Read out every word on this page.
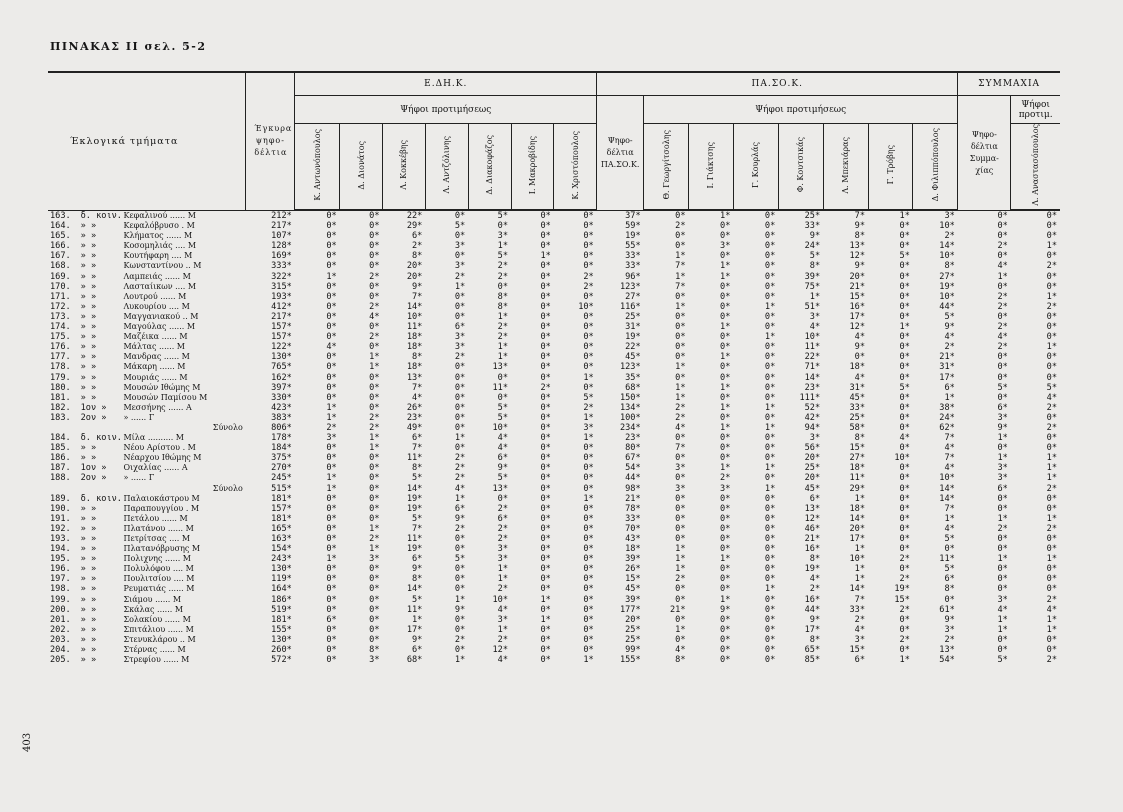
ΠΙΝΑΚΑΣ ΙΙ σελ. 5-2
403
Έκλογικά τμήματα			Έγκυρα ψηφο-δέλτια	Ε.ΔΗ.Κ.							ΠΑ.ΣΟ.Κ.								ΣΥΜΜΑΧΙΑ	
				Ψήφοι προτιμήσεως							Ψηφο-δέλτια ΠΑ.ΣΟ.Κ.	Ψήφοι προτιμήσεως							Ψηφο-δέλτια Συμμα-χίας	Ψήφοι προτιμ.
				Κ. Αντωνόπουλος	Δ. Διονάτος	Λ. Κοκκέβης	Λ. Αντζόλινης	Δ. Διακοφάζος	Ι. Μακροβίδης	Κ. Χριστόπουλος		Θ. Γεωργίτσολης	Ι. Γιάκτσης	Γ. Κουρλάς	Φ. Κουτσικάς	Λ. Μπεκιάρας	Γ. Τρόβης	Δ. Φιλιππόπουλος		Λ. Αναστασόπουλος
163.	δ. κοιν.	Κεφαλινού ...... Μ	212*	0*	0*	22*	0*	5*	0*	0*	37*	0*	1*	0*	25*	7*	1*	3*	0*	0*
164.	» »	Κεφαλόβρυσο . Μ	217*	0*	0*	29*	5*	0*	0*	0*	59*	2*	0*	0*	33*	9*	0*	10*	0*	0*
165.	» »	Κλήματος ...... Μ	107*	0*	0*	6*	0*	3*	0*	0*	19*	0*	0*	0*	9*	8*	0*	2*	0*	0*
166.	» »	Κοσομηλιάς .... Μ	128*	0*	0*	2*	3*	1*	0*	0*	55*	0*	3*	0*	24*	13*	0*	14*	2*	1*
167.	» »	Κουτήφαρη .... Μ	169*	0*	0*	8*	0*	5*	1*	0*	33*	1*	0*	0*	5*	12*	5*	10*	0*	0*
168.	» »	Κωνσταντίνου .. Μ	333*	0*	0*	20*	3*	2*	0*	0*	33*	7*	1*	0*	8*	9*	0*	8*	4*	2*
169.	» »	Λαμπειάς ...... Μ	322*	1*	2*	20*	2*	2*	0*	2*	96*	1*	1*	0*	39*	20*	0*	27*	1*	0*
170.	» »	Λασταίικων .... Μ	315*	0*	0*	9*	1*	0*	0*	2*	123*	7*	0*	0*	75*	21*	0*	19*	0*	0*
171.	» »	Λουτρού ...... Μ	193*	0*	0*	7*	0*	8*	0*	0*	27*	0*	0*	0*	1*	15*	0*	10*	2*	1*
172.	» »	Λυκουρίου .... Μ	412*	0*	2*	14*	0*	8*	0*	10*	116*	1*	0*	1*	51*	16*	0*	44*	2*	2*
173.	» »	Μαγγανιακού .. Μ	217*	0*	4*	10*	0*	1*	0*	0*	25*	0*	0*	0*	3*	17*	0*	5*	0*	0*
174.	» »	Μαγούλας ...... Μ	157*	0*	0*	11*	6*	2*	0*	0*	31*	0*	1*	0*	4*	12*	1*	9*	2*	0*
175.	» »	Μαζέικα ...... Μ	157*	0*	2*	18*	3*	2*	0*	0*	19*	0*	0*	1*	10*	4*	0*	4*	4*	0*
176.	» »	Μάλτας ...... Μ	122*	4*	0*	18*	3*	1*	0*	0*	22*	0*	0*	0*	11*	9*	0*	2*	2*	1*
177.	» »	Μανδρας ...... Μ	130*	0*	1*	8*	2*	1*	0*	0*	45*	0*	1*	0*	22*	0*	0*	21*	0*	0*
178.	» »	Μάκαρη ...... Μ	765*	0*	1*	18*	0*	13*	0*	0*	123*	1*	0*	0*	71*	18*	0*	31*	0*	0*
179.	» »	Μουριάς ...... Μ	162*	0*	0*	13*	0*	0*	0*	1*	35*	0*	0*	0*	14*	4*	0*	17*	0*	0*
180.	» »	Μουσών Ιθώμης Μ	397*	0*	0*	7*	0*	11*	2*	0*	68*	1*	1*	0*	23*	31*	5*	6*	5*	5*
181.	» »	Μουσών Παμίσου Μ	330*	0*	0*	4*	0*	0*	0*	5*	150*	1*	0*	0*	111*	45*	0*	1*	0*	4*
182.	1ον »	Μεσσήνης ...... Α	423*	1*	0*	26*	0*	5*	0*	2*	134*	2*	1*	1*	52*	33*	0*	38*	6*	2*
183.	2ον »	» ...... Γ	383*	1*	2*	23*	0*	5*	0*	1*	100*	2*	0*	0*	42*	25*	0*	24*	3*	0*
		Σύνολο	806*	2*	2*	49*	0*	10*	0*	3*	234*	4*	1*	1*	94*	58*	0*	62*	9*	2*
184.	δ. κοιν.	Μίλα .......... Μ	178*	3*	1*	6*	1*	4*	0*	1*	23*	0*	0*	0*	3*	8*	4*	7*	1*	0*
185.	» »	Νέου Αρίστου . Μ	184*	0*	1*	7*	0*	4*	0*	0*	80*	7*	0*	0*	56*	15*	0*	4*	0*	0*
186.	» »	Νέαρχου Ιθώμης Μ	375*	0*	0*	11*	2*	6*	0*	0*	67*	0*	0*	0*	20*	27*	10*	7*	1*	1*
187.	1ον »	Οιχαλίας ...... Α	270*	0*	0*	8*	2*	9*	0*	0*	54*	3*	1*	1*	25*	18*	0*	4*	3*	1*
188.	2ον »	» ...... Γ	245*	1*	0*	5*	2*	5*	0*	0*	44*	0*	2*	0*	20*	11*	0*	10*	3*	1*
		Σύνολο	515*	1*	0*	14*	4*	13*	0*	0*	98*	3*	3*	1*	45*	29*	0*	14*	6*	2*
189.	δ. κοιν.	Παλαιοκάστρου Μ	181*	0*	0*	19*	1*	0*	0*	1*	21*	0*	0*	0*	6*	1*	0*	14*	0*	0*
190.	» »	Παραπουγγίου . Μ	157*	0*	0*	19*	6*	2*	0*	0*	78*	0*	0*	0*	13*	18*	0*	7*	0*	0*
191.	» »	Πετάλου ...... Μ	181*	0*	0*	5*	9*	6*	0*	0*	33*	0*	0*	0*	12*	14*	0*	1*	1*	1*
192.	» »	Πλατάνου ...... Μ	165*	0*	1*	7*	2*	2*	0*	0*	70*	0*	0*	0*	46*	20*	0*	4*	2*	2*
193.	» »	Πετρίτσας .... Μ	163*	0*	2*	11*	0*	2*	0*	0*	43*	0*	0*	0*	21*	17*	0*	5*	0*	0*
194.	» »	Πλατανόβρυσης Μ	154*	0*	1*	19*	0*	3*	0*	0*	18*	1*	0*	0*	16*	1*	0*	0*	0*	0*
195.	» »	Πολιχνης ...... Μ	243*	1*	3*	6*	5*	3*	0*	0*	39*	1*	1*	0*	8*	10*	2*	11*	1*	1*
196.	» »	Πολυλόφου .... Μ	130*	0*	0*	9*	0*	1*	0*	0*	26*	1*	0*	0*	19*	1*	0*	5*	0*	0*
197.	» »	Πουλιτσίου .... Μ	119*	0*	0*	8*	0*	1*	0*	0*	15*	2*	0*	0*	4*	1*	2*	6*	0*	0*
198.	» »	Ρευματιάς ...... Μ	164*	0*	0*	14*	0*	2*	0*	0*	45*	0*	0*	1*	2*	14*	19*	8*	0*	0*
199.	» »	Σιάμου ...... Μ	186*	0*	0*	5*	1*	10*	1*	0*	39*	0*	1*	0*	16*	7*	15*	0*	3*	2*
200.	» »	Σκάλας ...... Μ	519*	0*	0*	11*	9*	4*	0*	0*	177*	21*	9*	0*	44*	33*	2*	61*	4*	4*
201.	» »	Σολακίου ...... Μ	181*	6*	0*	1*	0*	3*	1*	0*	20*	0*	0*	0*	9*	2*	0*	9*	1*	1*
202.	» »	Σπιτάλιου ...... Μ	155*	0*	0*	17*	0*	1*	0*	0*	25*	1*	0*	0*	17*	4*	0*	3*	1*	1*
203.	» »	Στενυκλάρου .. Μ	130*	0*	0*	9*	2*	2*	0*	0*	25*	0*	0*	0*	8*	3*	2*	2*	0*	0*
204.	» »	Στέρνας ...... Μ	260*	0*	8*	6*	0*	12*	0*	0*	99*	4*	0*	0*	65*	15*	0*	13*	0*	0*
205.	» »	Στρεφίου ...... Μ	572*	0*	3*	68*	1*	4*	0*	1*	155*	8*	0*	0*	85*	6*	1*	54*	5*	2*
